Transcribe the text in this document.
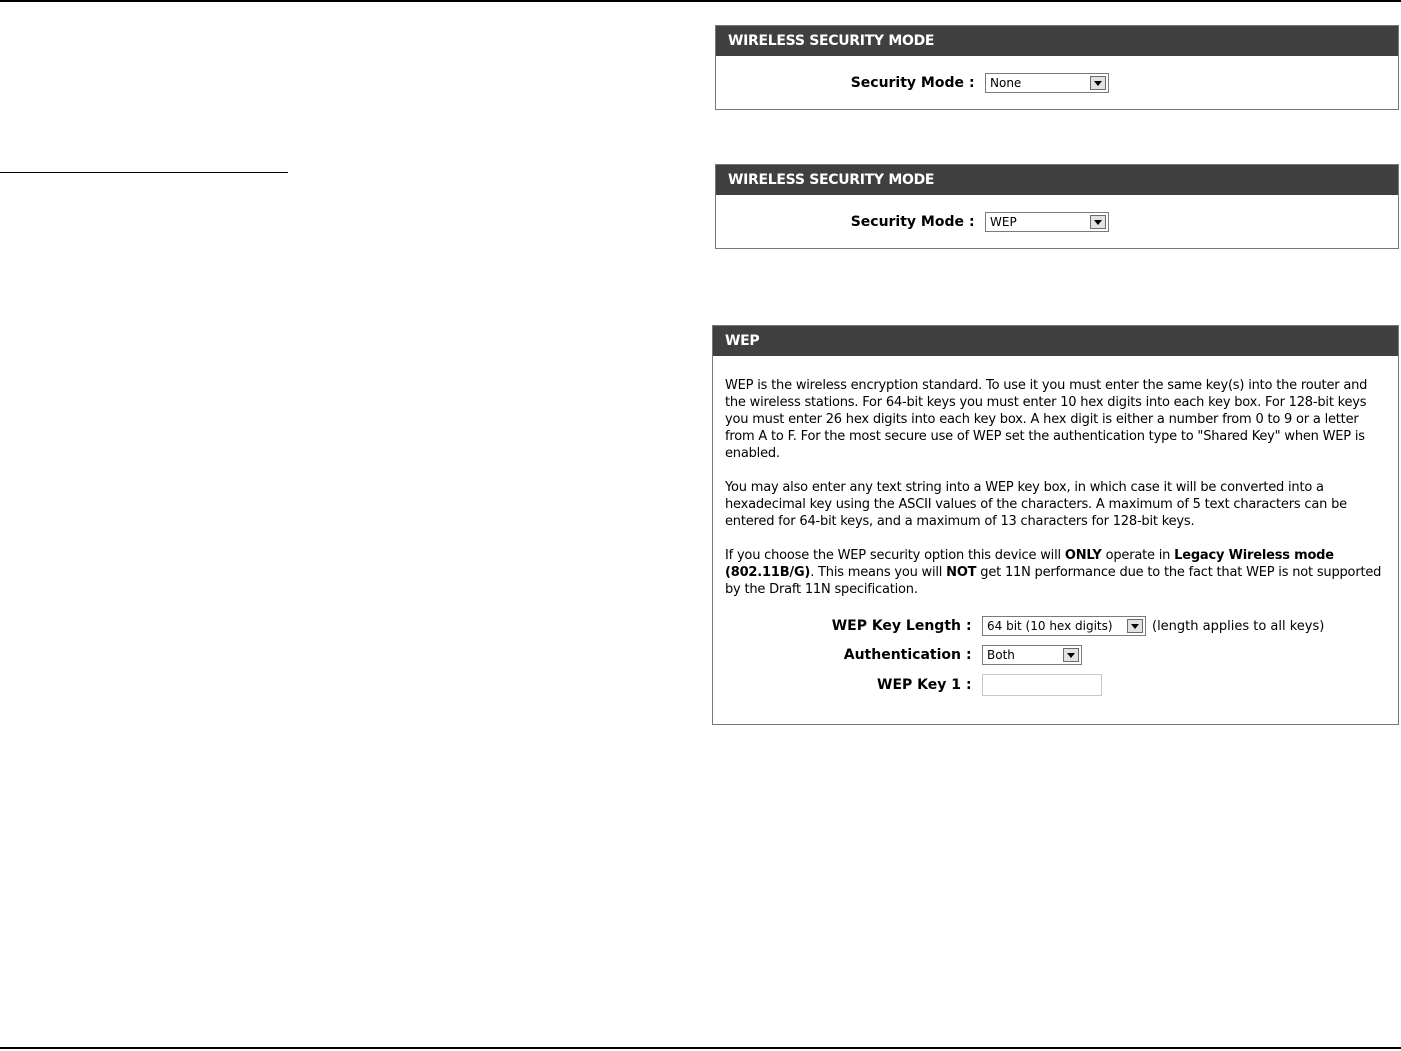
WIRELESS SECURITY MODE
Security Mode :	None
WIRELESS SECURITY MODE
Security Mode :	WEP
WEP

WEP is the wireless encryption standard. To use it you must enter the same key(s) into the router and the wireless stations. For 64-bit keys you must enter 10 hex digits into each key box. For 128-bit keys you must enter 26 hex digits into each key box. A hex digit is either a number from 0 to 9 or a letter from A to F. For the most secure use of WEP set the authentication type to "Shared Key" when WEP is enabled.

You may also enter any text string into a WEP key box, in which case it will be converted into a hexadecimal key using the ASCII values of the characters. A maximum of 5 text characters can be entered for 64-bit keys, and a maximum of 13 characters for 128-bit keys.

If you choose the WEP security option this device will ONLY operate in Legacy Wireless mode (802.11B/G). This means you will NOT get 11N performance due to the fact that WEP is not supported by the Draft 11N specification.

WEP Key Length :	64 bit (10 hex digits)	(length applies to all keys)
Authentication :	Both
WEP Key 1 :
